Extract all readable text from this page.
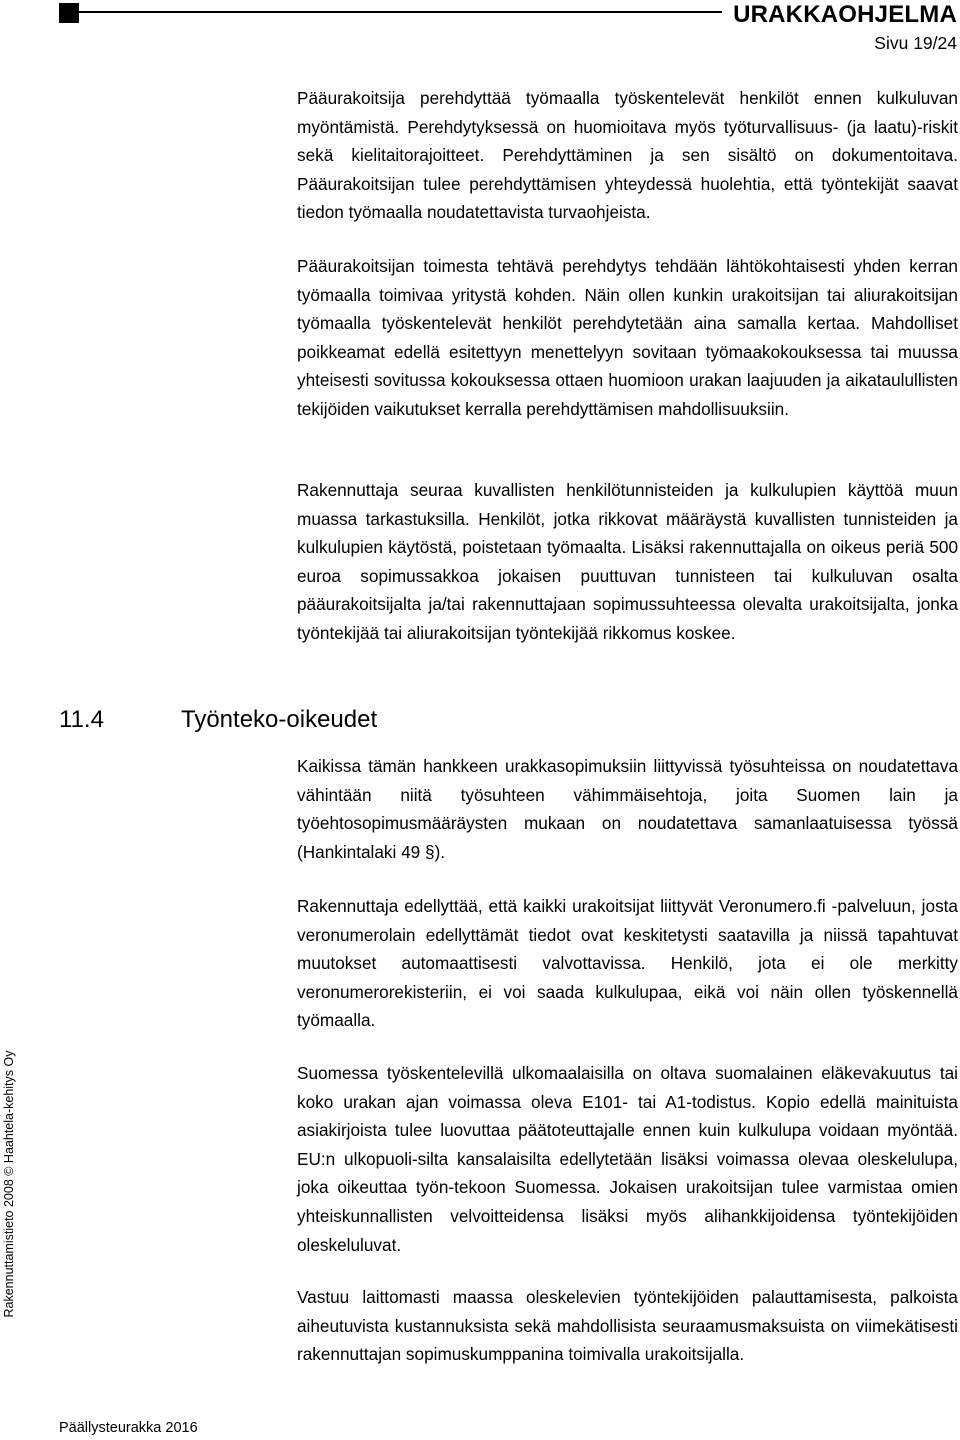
URAKKAOHJELMA
Sivu 19/24

Pääurakoitsija perehdyttää työmaalla työskentelevät henkilöt ennen kulkuluvan myöntämistä. Perehdytyksessä on huomioitava myös työturvallisuus- (ja laatu)-riskit sekä kielitaitorajoitteet. Perehdyttäminen ja sen sisältö on dokumentoitava. Pääurakoitsijan tulee perehdyttämisen yhteydessä huolehtia, että työntekijät saavat tiedon työmaalla noudatettavista turvaohjeista.

Pääurakoitsijan toimesta tehtävä perehdytys tehdään lähtökohtaisesti yhden kerran työmaalla toimivaa yritystä kohden. Näin ollen kunkin urakoitsijan tai aliurakoitsijan työmaalla työskentelevät henkilöt perehdytetään aina samalla kertaa. Mahdolliset poikkeamat edellä esitettyyn menettelyyn sovitaan työmaakokouksessa tai muussa yhteisesti sovitussa kokouksessa ottaen huomioon urakan laajuuden ja aikataulullisten tekijöiden vaikutukset kerralla perehdyttämisen mahdollisuuksiin.

Rakennuttaja seuraa kuvallisten henkilötunnisteiden ja kulkulupien käyttöä muun muassa tarkastuksilla. Henkilöt, jotka rikkovat määräystä kuvallisten tunnisteiden ja kulkulupien käytöstä, poistetaan työmaalta. Lisäksi rakennuttajalla on oikeus periä 500 euroa sopimussakkoa jokaisen puuttuvan tunnisteen tai kulkuluvan osalta pääurakoitsijalta ja/tai rakennuttajaan sopimussuhteessa olevalta urakoitsijalta, jonka työntekijää tai aliurakoitsijan työntekijää rikkomus koskee.

11.4	Työnteko-oikeudet

Kaikissa tämän hankkeen urakkasopimuksiin liittyvissä työsuhteissa on noudatettava vähintään niitä työsuhteen vähimmäisehtoja, joita Suomen lain ja työehtosopimusmääräysten mukaan on noudatettava samanlaatuisessa työssä (Hankintalaki 49 §).

Rakennuttaja edellyttää, että kaikki urakoitsijat liittyvät Veronumero.fi -palveluun, josta veronumerolain edellyttämät tiedot ovat keskitetysti saatavilla ja niissä tapahtuvat muutokset automaattisesti valvottavissa. Henkilö, jota ei ole merkitty veronumerorekisteriin, ei voi saada kulkulupaa, eikä voi näin ollen työskennellä työmaalla.

Suomessa työskentelevillä ulkomaalaisilla on oltava suomalainen eläkevakuutus tai koko urakan ajan voimassa oleva E101- tai A1-todistus. Kopio edellä mainituista asiakirjoista tulee luovuttaa päätoteuttajalle ennen kuin kulkulupa voidaan myöntää. EU:n ulkopuoli-silta kansalaisilta edellytetään lisäksi voimassa olevaa oleskelulupa, joka oikeuttaa työn-tekoon Suomessa. Jokaisen urakoitsijan tulee varmistaa omien yhteiskunnallisten velvoitteidensa lisäksi myös alihankkijoidensa työntekijöiden oleskeluluvat.

Vastuu laittomasti maassa oleskelevien työntekijöiden palauttamisesta, palkoista aiheutuvista kustannuksista sekä mahdollisista seuraamusmaksuista on viimekätisesti rakennuttajan sopimuskumppanina toimivalla urakoitsijalla.

Rakennuttamistieto 2008 © Haahtela-kehitys Oy
Päällysteurakka 2016
